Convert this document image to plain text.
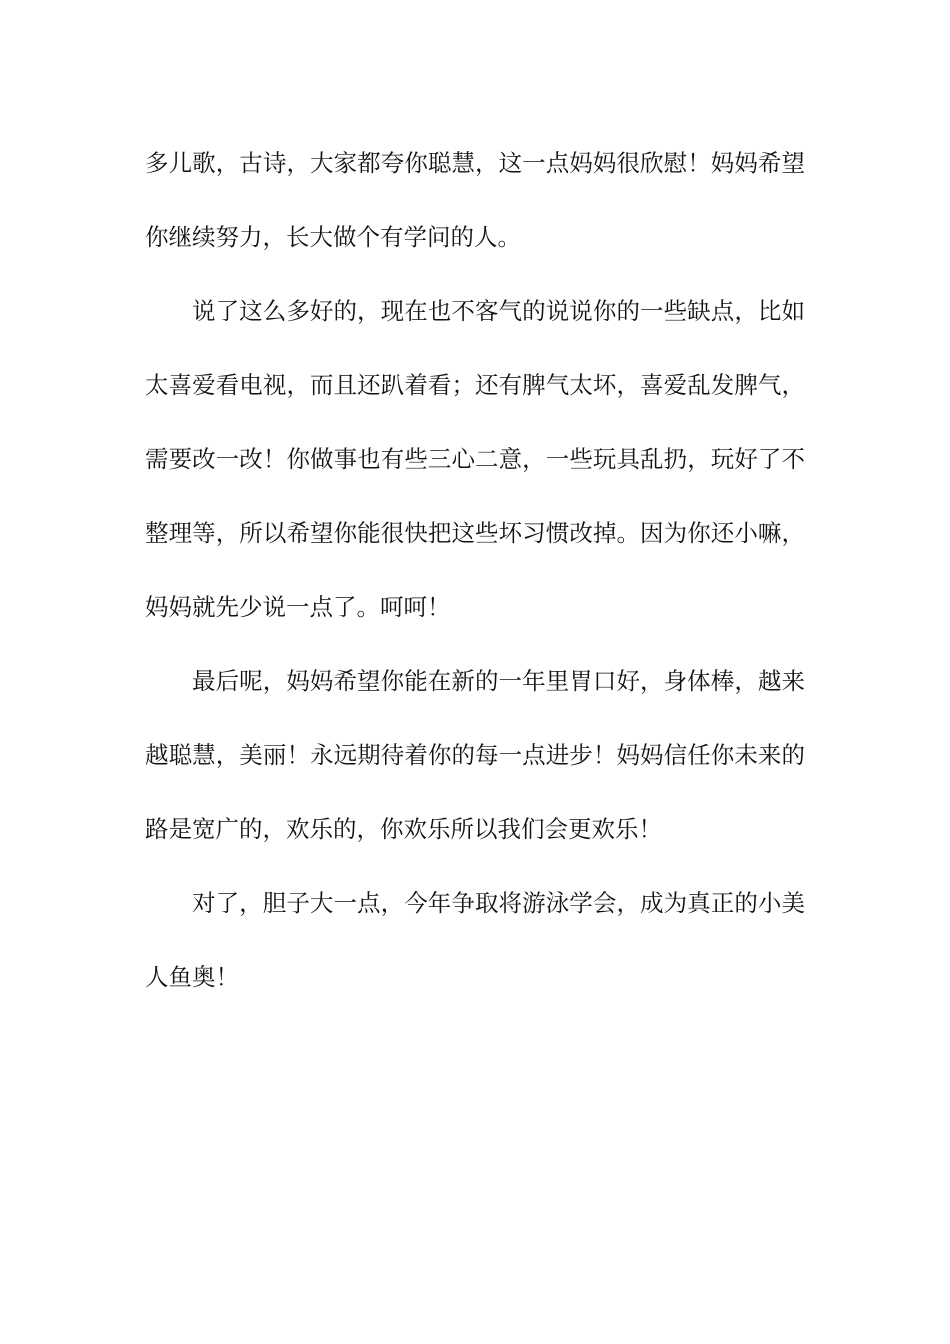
多儿歌，古诗，大家都夸你聪慧，这一点妈妈很欣慰！妈妈希望你继续努力，长大做个有学问的人。

说了这么多好的，现在也不客气的说说你的一些缺点，比如太喜爱看电视，而且还趴着看；还有脾气太坏，喜爱乱发脾气，需要改一改！你做事也有些三心二意，一些玩具乱扔，玩好了不整理等，所以希望你能很快把这些坏习惯改掉。因为你还小嘛，妈妈就先少说一点了。呵呵！

最后呢，妈妈希望你能在新的一年里胃口好，身体棒，越来越聪慧，美丽！永远期待着你的每一点进步！妈妈信任你未来的路是宽广的，欢乐的，你欢乐所以我们会更欢乐！

对了，胆子大一点，今年争取将游泳学会，成为真正的小美人鱼奥！
